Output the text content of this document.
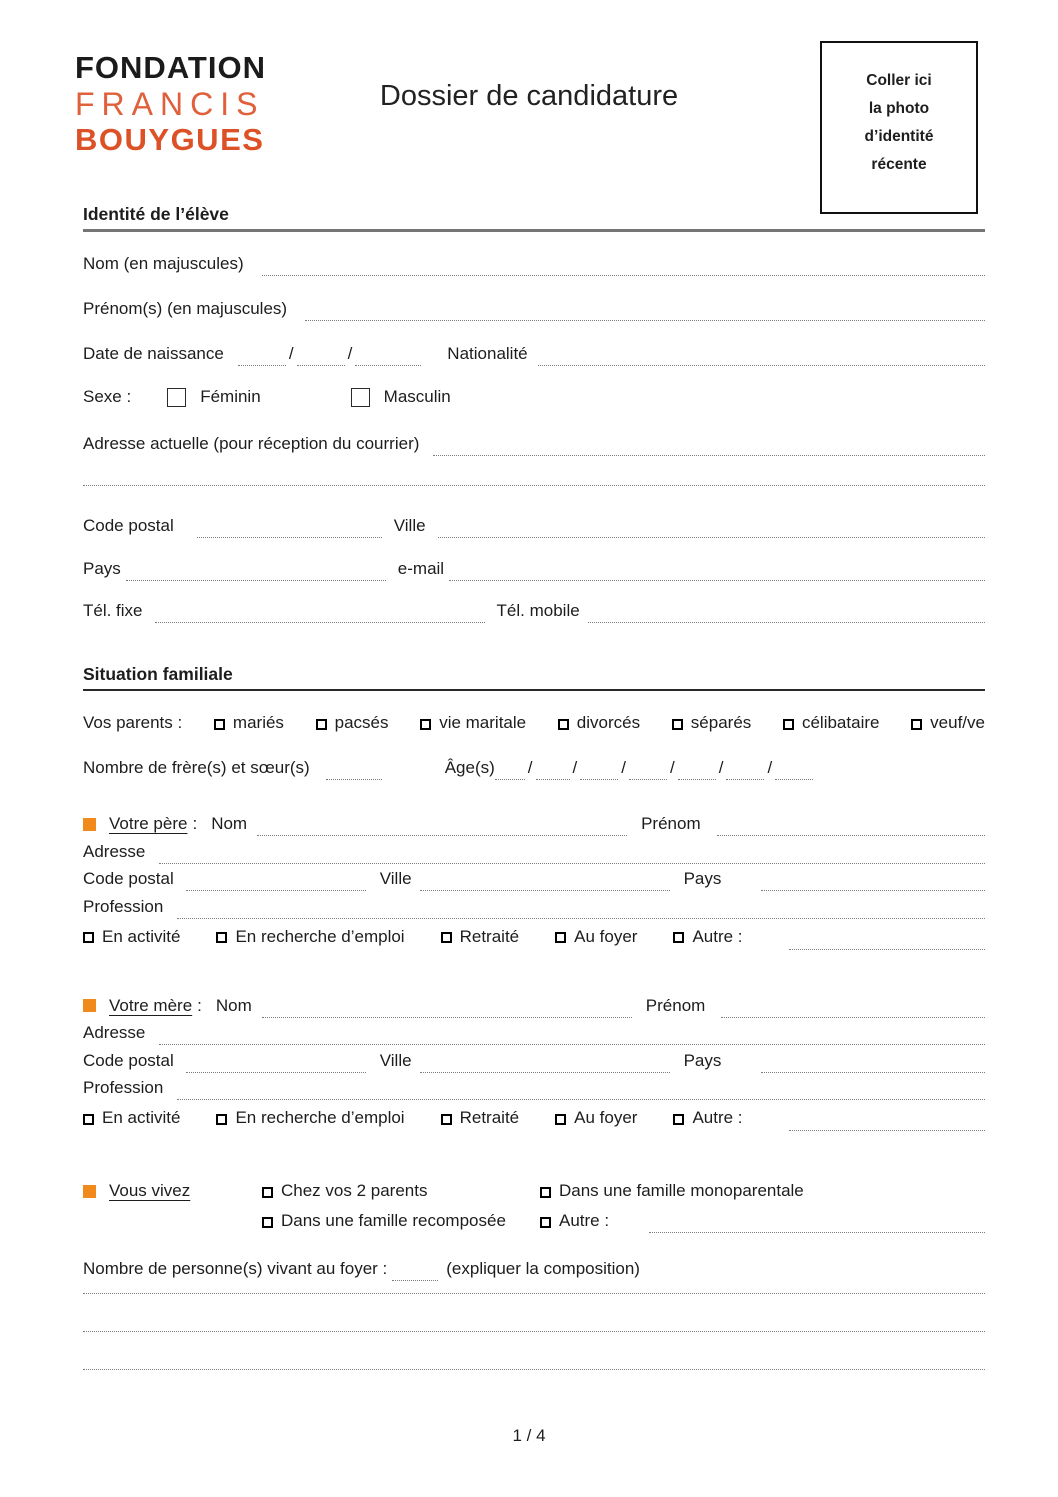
FONDATION
FRANCIS
BOUYGUES
Dossier de candidature	Coller ici
la photo
d’identité
récente
Identité de l’élève
Nom (en majuscules)
Prénom(s) (en majuscules)
Date de naissance	/	/	Nationalité
Sexe :	Féminin	Masculin
Adresse actuelle (pour réception du courrier)
Code postal	Ville
Pays	e-mail
Tél. fixe	Tél. mobile
Situation familiale
Vos parents :	mariés	pacsés	vie maritale	divorcés	séparés	célibataire	veuf/ve
Nombre de frère(s) et sœur(s)	Âge(s) / /	/	/	/	/
Votre père : Nom	Prénom
Adresse
Code postal	Ville	Pays
Profession
En activité	En recherche d’emploi	Retraité	Au foyer	Autre :
Votre mère : Nom	Prénom
Adresse
Code postal	Ville	Pays
Profession
En activité	En recherche d’emploi	Retraité	Au foyer	Autre :
Vous vivez	Chez vos 2 parents	Dans une famille monoparentale
Dans une famille recomposée	Autre :
Nombre de personne(s) vivant au foyer :	(expliquer la composition)
1 / 4
